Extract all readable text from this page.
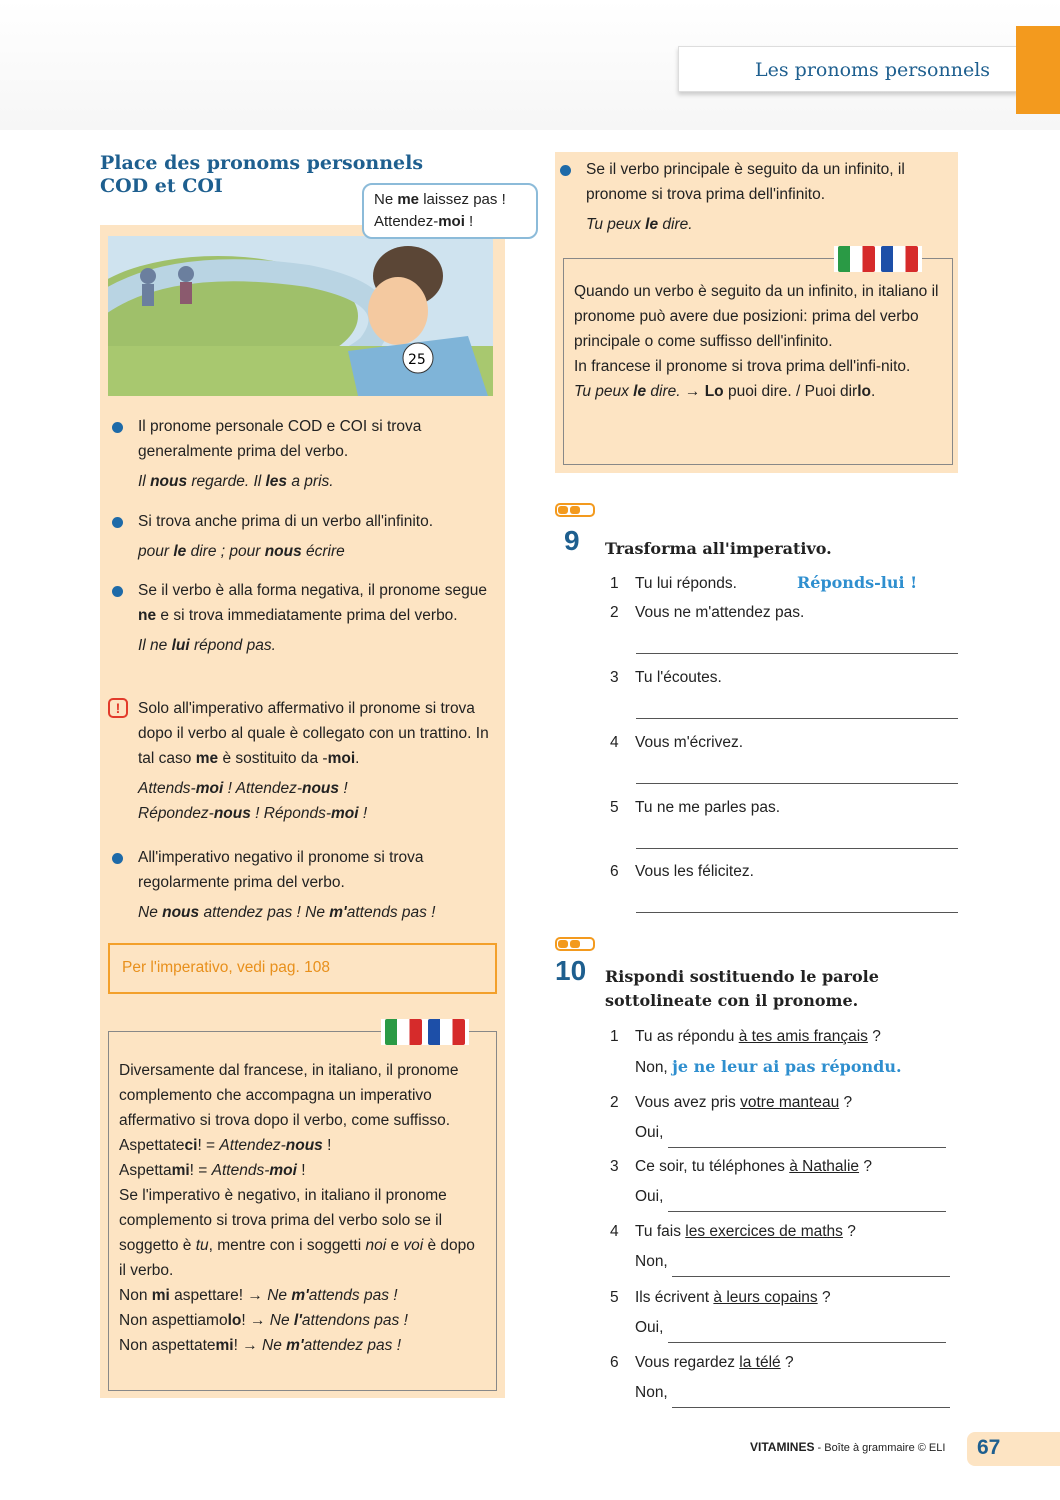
Les pronoms personnels
Place des pronoms personnels
COD et COI
25
Ne me laissez pas !
Attendez-moi !
Il pronome personale COD e COI si trova generalmente prima del verbo.
Il nous regarde. Il les a pris.
Si trova anche prima di un verbo all'infinito.
pour le dire ; pour nous écrire
Se il verbo è alla forma negativa, il pronome segue ne e si trova immediatamente prima del verbo.
Il ne lui répond pas.
!	Solo all'imperativo affermativo il pronome si trova dopo il verbo al quale è collegato con un trattino. In tal caso me è sostituito da -moi.
Attends-moi ! Attendez-nous !
Répondez-nous ! Réponds-moi !
All'imperativo negativo il pronome si trova regolarmente prima del verbo.
Ne nous attendez pas ! Ne m'attends pas !
Per l'imperativo, vedi pag. 108
Diversamente dal francese, in italiano, il pronome complemento che accompagna un imperativo affermativo si trova dopo il verbo, come suffisso.
Aspettateci! = Attendez-nous !
Aspettami! = Attends-moi !
Se l'imperativo è negativo, in italiano il pronome complemento si trova prima del verbo solo se il soggetto è tu, mentre con i soggetti noi e voi è dopo il verbo.
Non mi aspettare! → Ne m'attends pas !
Non aspettiamolo! → Ne l'attendons pas !
Non aspettatemi! → Ne m'attendez pas !
Se il verbo principale è seguito da un infinito, il pronome si trova prima dell'infinito.
Tu peux le dire.
Quando un verbo è seguito da un infinito, in italiano il pronome può avere due posizioni: prima del verbo principale o come suffisso dell'infinito.
In francese il pronome si trova prima dell'infi-nito.
Tu peux le dire. → Lo puoi dire. / Puoi dirlo.
9 Trasforma all'imperativo.
1 Tu lui réponds.	Réponds-lui !
2 Vous ne m'attendez pas.
3 Tu l'écoutes.
4 Vous m'écrivez.
5 Tu ne me parles pas.
6 Vous les félicitez.
10 Rispondi sostituendo le parole
sottolineate con il pronome.
1 Tu as répondu à tes amis français ?
Non, je ne leur ai pas répondu.
2 Vous avez pris votre manteau ?
Oui,
3 Ce soir, tu téléphones à Nathalie ?
Oui,
4 Tu fais les exercices de maths ?
Non,
5 Ils écrivent à leurs copains ?
Oui,
6 Vous regardez la télé ?
Non,
VITAMINES - Boîte à grammaire © ELI	67
